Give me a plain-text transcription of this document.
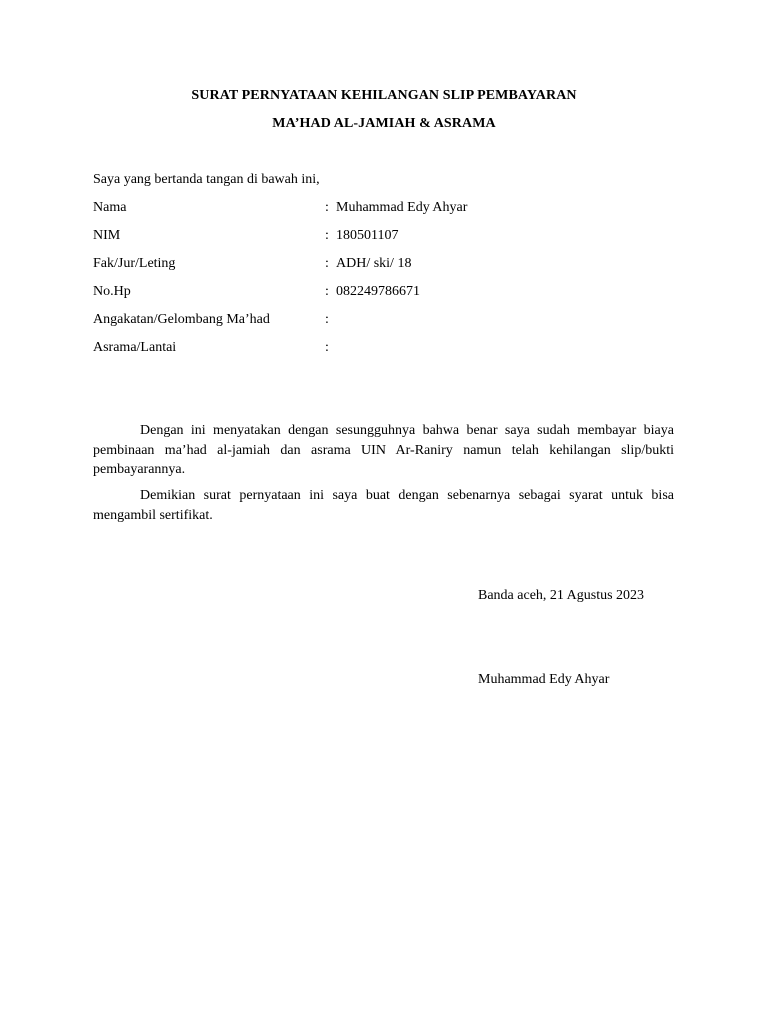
SURAT PERNYATAAN KEHILANGAN SLIP PEMBAYARAN
MA’HAD AL-JAMIAH & ASRAMA
Saya yang bertanda tangan di bawah ini,
Nama	: Muhammad Edy Ahyar
NIM	: 180501107
Fak/Jur/Leting	: ADH/ ski/ 18
No.Hp	: 082249786671
Angakatan/Gelombang Ma’had	:
Asrama/Lantai	:
Dengan ini menyatakan dengan sesungguhnya bahwa benar saya sudah membayar biaya pembinaan ma’had al-jamiah dan asrama UIN Ar-Raniry namun telah kehilangan slip/bukti pembayarannya.
Demikian surat pernyataan ini saya buat dengan sebenarnya sebagai syarat untuk bisa mengambil sertifikat.
Banda aceh, 21 Agustus 2023
Muhammad Edy Ahyar
